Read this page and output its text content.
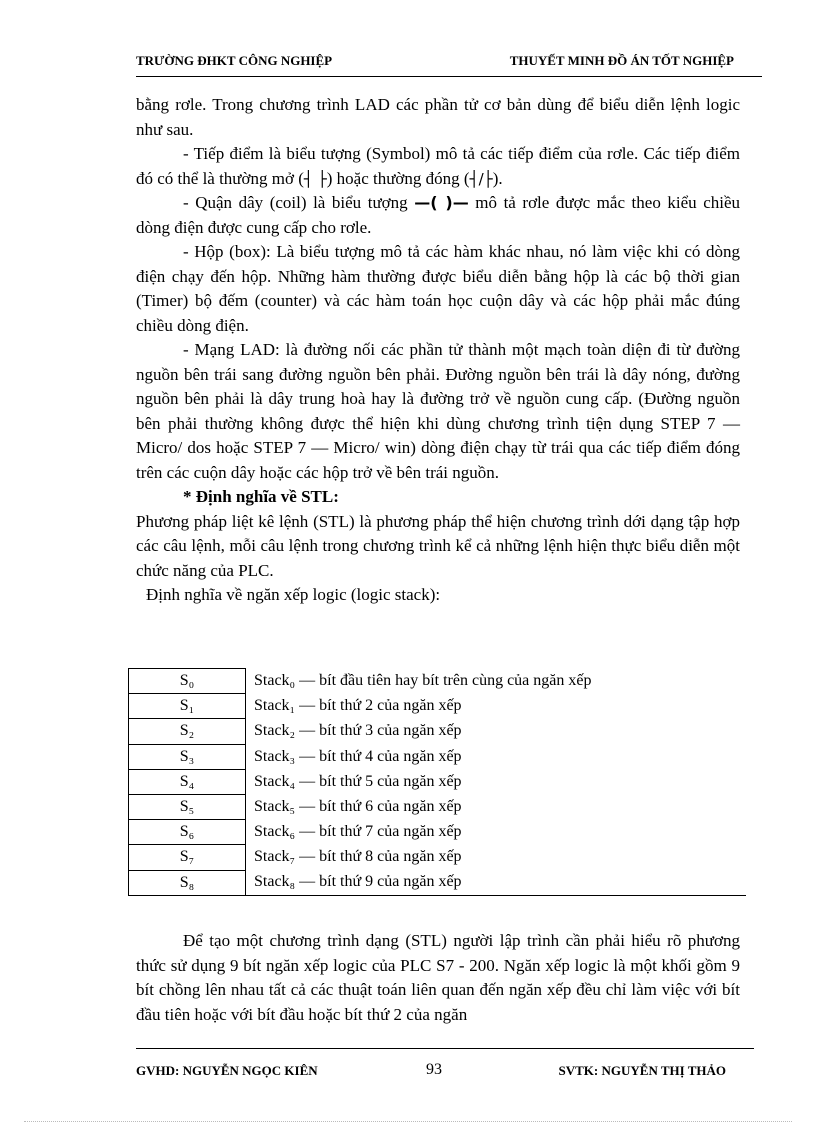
TRƯỜNG ĐHKT CÔNG NGHIỆP	THUYẾT MINH ĐỒ ÁN TỐT NGHIỆP

bằng rơle. Trong chương trình LAD các phần tử cơ bản dùng để biểu diễn lệnh logic như sau.

- Tiếp điểm là biểu tượng (Symbol) mô tả các tiếp điểm của rơle. Các tiếp điểm đó có thể là thường mở (┤ ├) hoặc thường đóng (┤/├).

- Quận dây (coil) là biểu tượng —( )— mô tả rơle được mắc theo kiểu chiều dòng điện được cung cấp cho rơle.

- Hộp (box): Là biểu tượng mô tả các hàm khác nhau, nó làm việc khi có dòng điện chạy đến hộp. Những hàm thường được biểu diễn bằng hộp là các bộ thời gian (Timer) bộ đếm (counter) và các hàm toán học cuộn dây và các hộp phải mắc đúng chiều dòng điện.

- Mạng LAD: là đường nối các phần tử thành một mạch toàn diện đi từ đường nguồn bên trái sang đường nguồn bên phải. Đường nguồn bên trái là dây nóng, đường nguồn bên phải là dây trung hoà hay là đường trở về nguồn cung cấp. (Đường nguồn bên phải thường không được thể hiện khi dùng chương trình tiện dụng STEP 7 — Micro/ dos hoặc STEP 7 — Micro/ win) dòng điện chạy từ trái qua các tiếp điểm đóng trên các cuộn dây hoặc các hộp trở về bên trái nguồn.

* Định nghĩa về STL:

Phương pháp liệt kê lệnh (STL) là phương pháp thể hiện chương trình dới dạng tập hợp các câu lệnh, mỗi câu lệnh trong chương trình kể cả những lệnh hiện thực biểu diễn một chức năng của PLC.

Định nghĩa về ngăn xếp logic (logic stack):

S₀	Stack₀ — bít đầu tiên hay bít trên cùng của ngăn xếp
S₁	Stack₁ — bít thứ 2 của ngăn xếp
S₂	Stack₂ — bít thứ 3 của ngăn xếp
S₃	Stack₃ — bít thứ 4 của ngăn xếp
S₄	Stack₄ — bít thứ 5 của ngăn xếp
S₅	Stack₅ — bít thứ 6 của ngăn xếp
S₆	Stack₆ — bít thứ 7 của ngăn xếp
S₇	Stack₇ — bít thứ 8 của ngăn xếp
S₈	Stack₈ — bít thứ 9 của ngăn xếp

Để tạo một chương trình dạng (STL) người lập trình cần phải hiểu rõ phương thức sử dụng 9 bít ngăn xếp logic của PLC S7 - 200. Ngăn xếp logic là một khối gồm 9 bít chồng lên nhau tất cả các thuật toán liên quan đến ngăn xếp đều chỉ làm việc với bít đầu tiên hoặc với bít đầu hoặc bít thứ 2 của ngăn

GVHD: NGUYỄN NGỌC KIÊN	93	SVTK: NGUYỄN THỊ THẢO
